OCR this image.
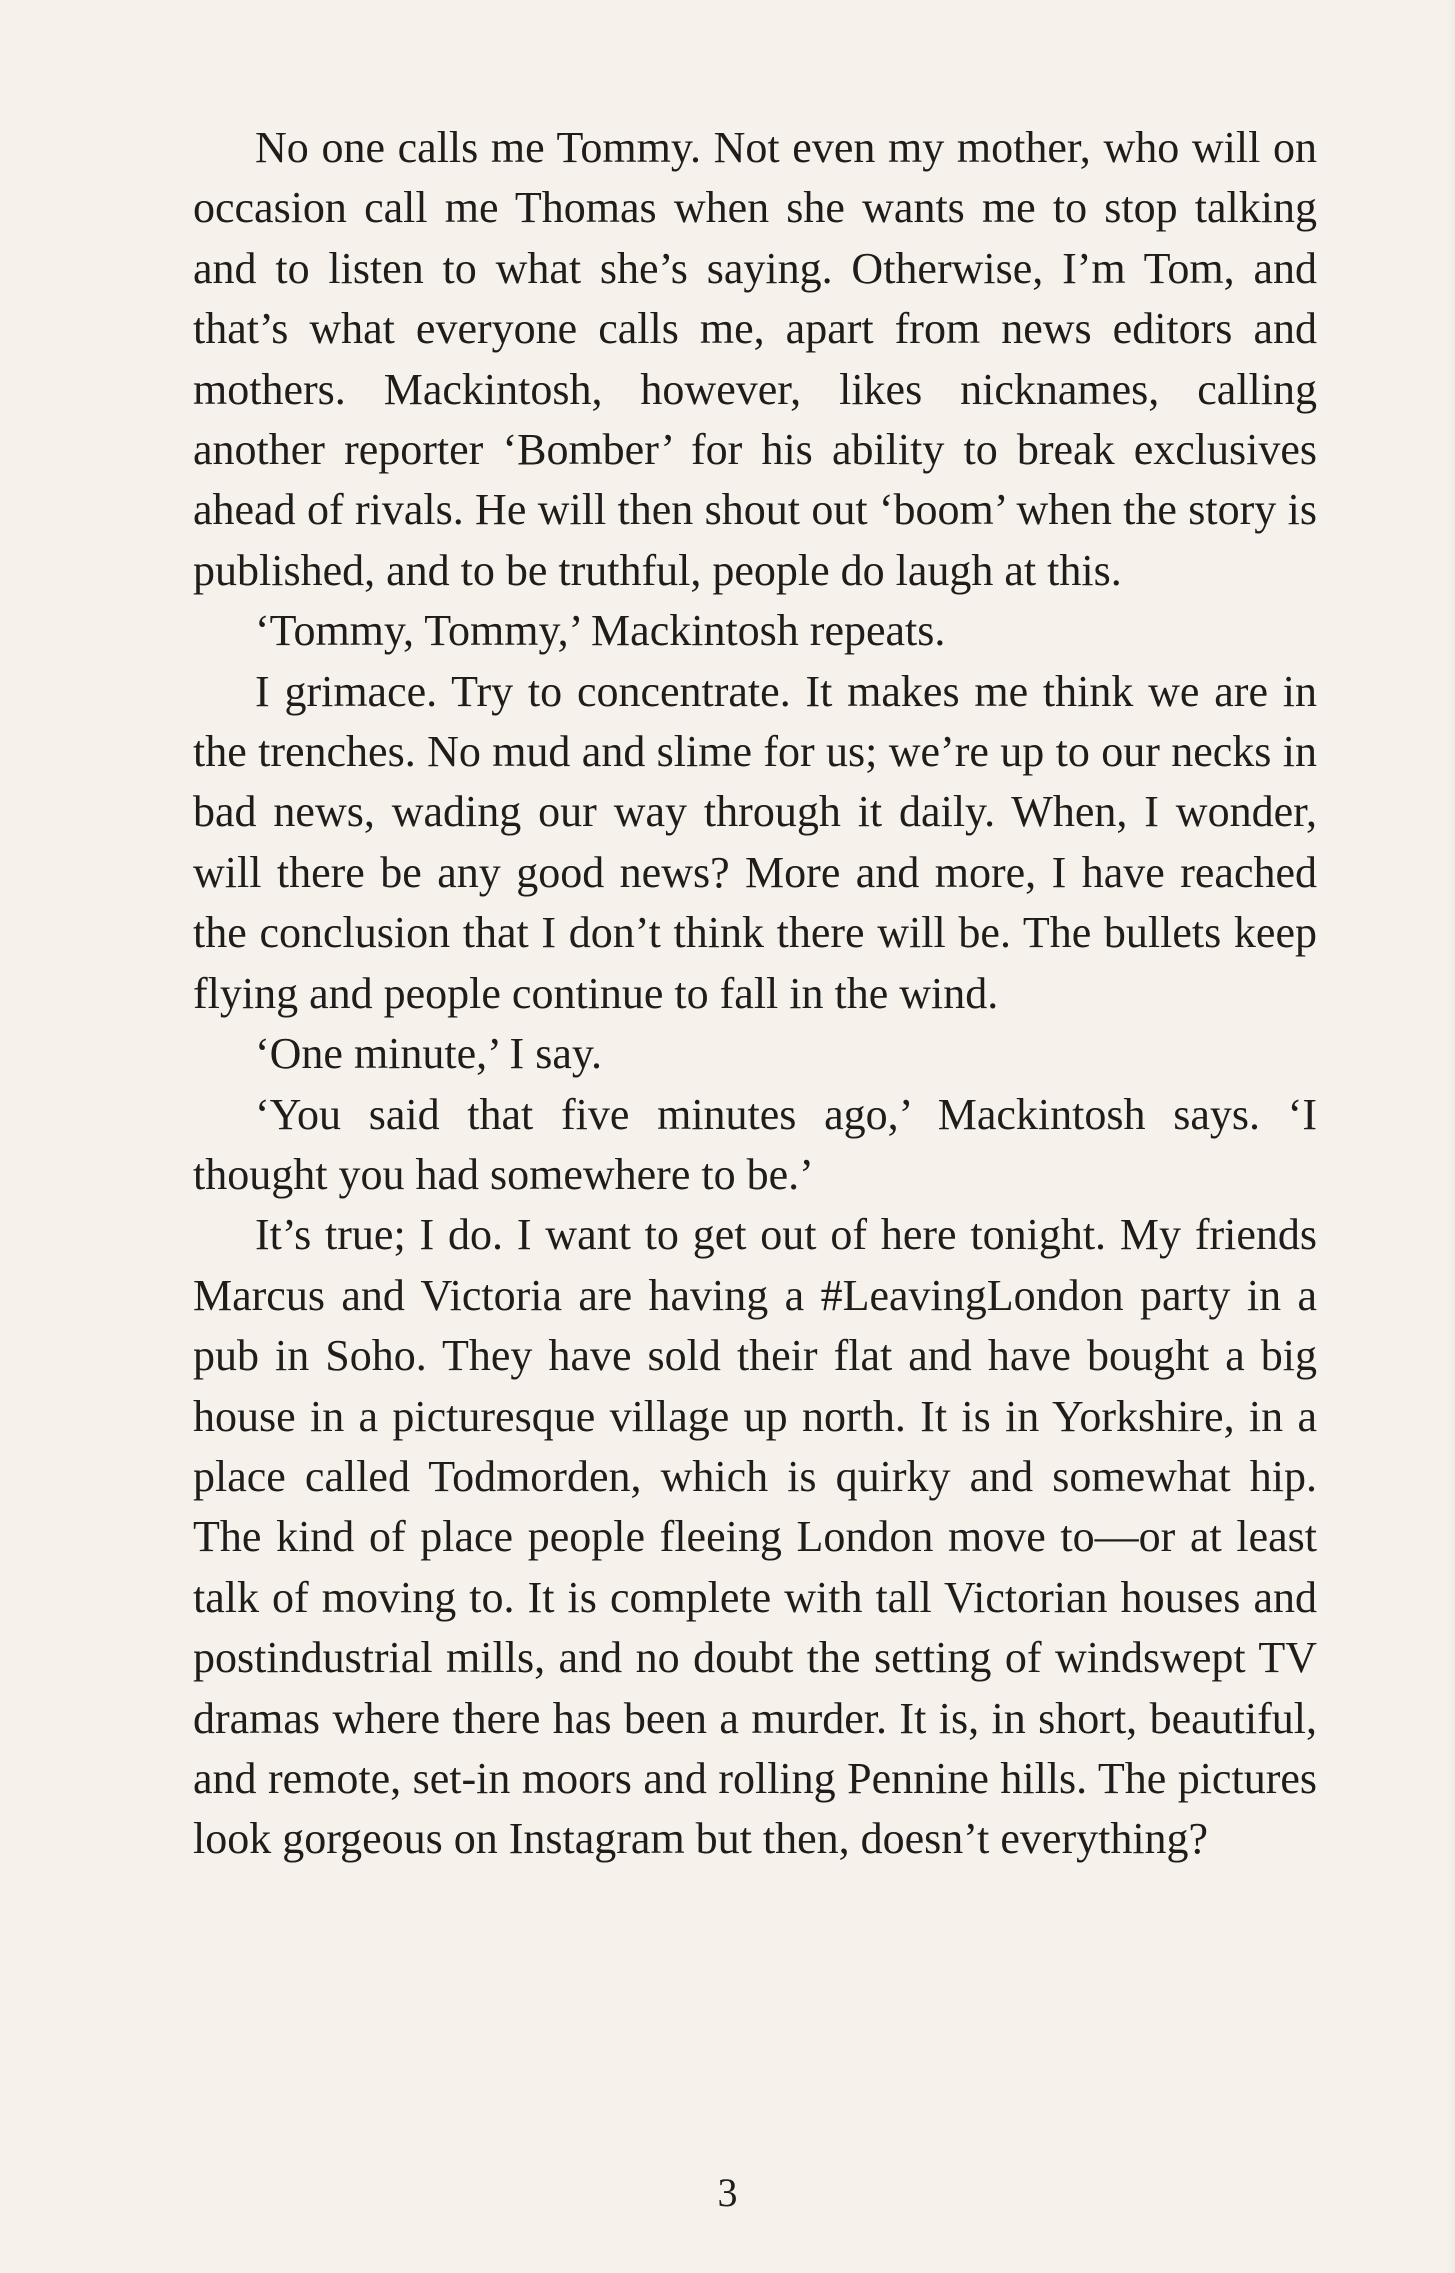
No one calls me Tommy. Not even my mother, who will on occasion call me Thomas when she wants me to stop talking and to listen to what she’s saying. Otherwise, I’m Tom, and that’s what everyone calls me, apart from news editors and mothers. Mackintosh, however, likes nicknames, calling another reporter ‘Bomber’ for his ability to break exclusives ahead of rivals. He will then shout out ‘boom’ when the story is published, and to be truthful, people do laugh at this.

‘Tommy, Tommy,’ Mackintosh repeats.

I grimace. Try to concentrate. It makes me think we are in the trenches. No mud and slime for us; we’re up to our necks in bad news, wading our way through it daily. When, I wonder, will there be any good news? More and more, I have reached the conclusion that I don’t think there will be. The bullets keep flying and people continue to fall in the wind.

‘One minute,’ I say.

‘You said that five minutes ago,’ Mackintosh says. ‘I thought you had somewhere to be.’

It’s true; I do. I want to get out of here tonight. My friends Marcus and Victoria are having a #LeavingLondon party in a pub in Soho. They have sold their flat and have bought a big house in a picturesque village up north. It is in Yorkshire, in a place called Todmorden, which is quirky and somewhat hip. The kind of place people fleeing London move to—or at least talk of moving to. It is complete with tall Victorian houses and postindustrial mills, and no doubt the setting of windswept TV dramas where there has been a murder. It is, in short, beautiful, and remote, set-in moors and rolling Pennine hills. The pictures look gorgeous on Instagram but then, doesn’t everything?

3
